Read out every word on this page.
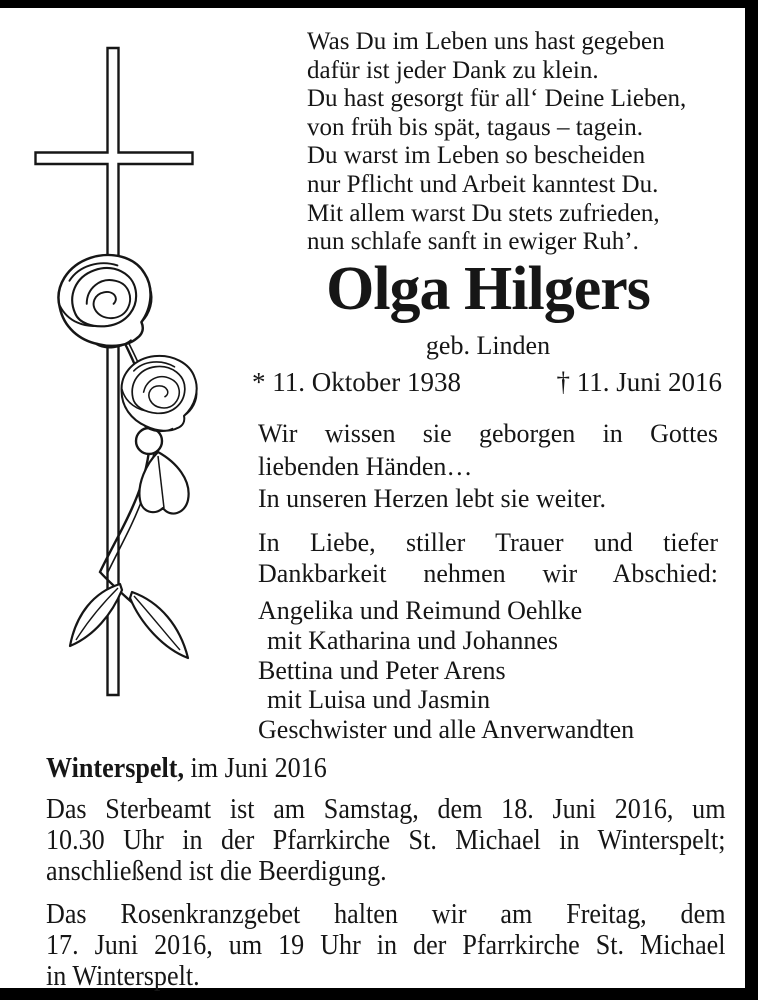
Was Du im Leben uns hast gegeben
dafür ist jeder Dank zu klein.
Du hast gesorgt für all‘ Deine Lieben,
von früh bis spät, tagaus – tagein.
Du warst im Leben so bescheiden
nur Pflicht und Arbeit kanntest Du.
Mit allem warst Du stets zufrieden,
nun schlafe sanft in ewiger Ruh’.
Olga Hilgers
geb. Linden
* 11. Oktober 1938	† 11. Juni 2016
Wir wissen sie geborgen in Gottes
liebenden Händen…
In unseren Herzen lebt sie weiter.
In Liebe, stiller Trauer und tiefer
Dankbarkeit nehmen wir Abschied:
Angelika und Reimund Oehlke
mit Katharina und Johannes
Bettina und Peter Arens
mit Luisa und Jasmin
Geschwister und alle Anverwandten
Winterspelt, im Juni 2016
Das Sterbeamt ist am Samstag, dem 18. Juni 2016, um
10.30 Uhr in der Pfarrkirche St. Michael in Winterspelt;
anschließend ist die Beerdigung.
Das Rosenkranzgebet halten wir am Freitag, dem
17. Juni 2016, um 19 Uhr in der Pfarrkirche St. Michael
in Winterspelt.
